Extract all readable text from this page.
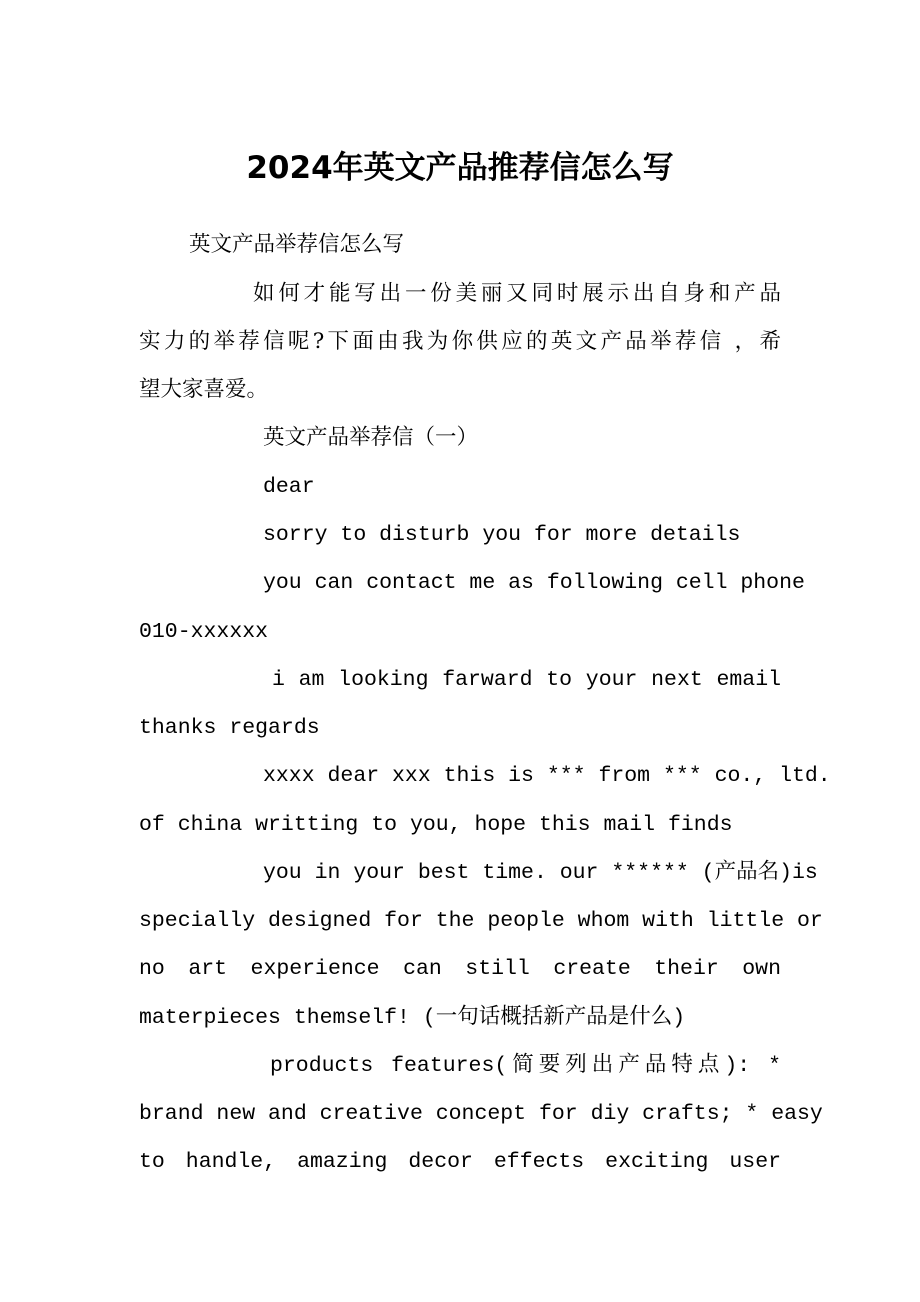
2024年英文产品推荐信怎么写
英文产品举荐信怎么写
如何才能写出一份美丽又同时展示出自身和产品
实力的举荐信呢?下面由我为你供应的英文产品举荐信 ，希
望大家喜爱。
英文产品举荐信（一）
dear
sorry to disturb you for more details
you can contact me as following cell phone
010-xxxxxx
i am looking farward to your next email
thanks regards
xxxx dear xxx this is *** from *** co., ltd.
of china writting to you, hope this mail finds
you in your best time. our ****** (产品名)is
specially designed for the people whom with little or
no art experience can still create their own
materpieces themself! (一句话概括新产品是什么)
products features(简要列出产品特点): *
brand new and creative concept for diy crafts; * easy
to handle, amazing decor effects exciting user
